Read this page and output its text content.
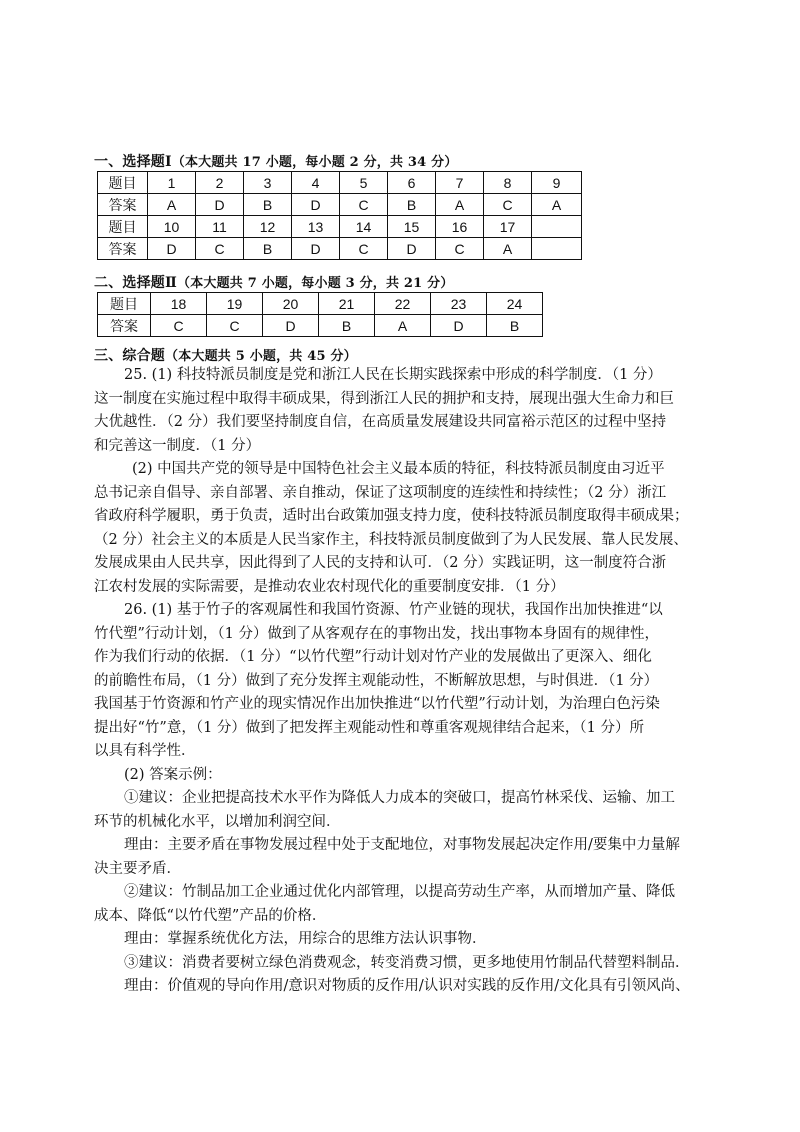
一、选择题Ⅰ（本大题共 17 小题，每小题 2 分，共 34 分）
题目	1	2	3	4	5	6	7	8	9
答案	A	D	B	D	C	B	A	C	A
题目	10	11	12	13	14	15	16	17	
答案	D	C	B	D	C	D	C	A	
二、选择题Ⅱ（本大题共 7 小题，每小题 3 分，共 21 分）
题目	18	19	20	21	22	23	24
答案	C	C	D	B	A	D	B
三、综合题（本大题共 5 小题，共 45 分）
25. (1) 科技特派员制度是党和浙江人民在长期实践探索中形成的科学制度．（1 分）
这一制度在实施过程中取得丰硕成果，得到浙江人民的拥护和支持，展现出强大生命力和巨
大优越性．（2 分）我们要坚持制度自信，在高质量发展建设共同富裕示范区的过程中坚持
和完善这一制度．（1 分）
(2) 中国共产党的领导是中国特色社会主义最本质的特征，科技特派员制度由习近平
总书记亲自倡导、亲自部署、亲自推动，保证了这项制度的连续性和持续性；（2 分）浙江
省政府科学履职，勇于负责，适时出台政策加强支持力度，使科技特派员制度取得丰硕成果；
（2 分）社会主义的本质是人民当家作主，科技特派员制度做到了为人民发展、靠人民发展、
发展成果由人民共享，因此得到了人民的支持和认可．（2 分）实践证明，这一制度符合浙
江农村发展的实际需要，是推动农业农村现代化的重要制度安排．（1 分）
26. (1) 基于竹子的客观属性和我国竹资源、竹产业链的现状，我国作出加快推进“以
竹代塑”行动计划，（1 分）做到了从客观存在的事物出发，找出事物本身固有的规律性，
作为我们行动的依据．（1 分）“以竹代塑”行动计划对竹产业的发展做出了更深入、细化
的前瞻性布局，（1 分）做到了充分发挥主观能动性，不断解放思想，与时俱进．（1 分）
我国基于竹资源和竹产业的现实情况作出加快推进“以竹代塑”行动计划，为治理白色污染
提出好“竹”意，（1 分）做到了把发挥主观能动性和尊重客观规律结合起来，（1 分）所
以具有科学性．
(2) 答案示例：
①建议：企业把提高技术水平作为降低人力成本的突破口，提高竹林采伐、运输、加工
环节的机械化水平，以增加利润空间．
理由：主要矛盾在事物发展过程中处于支配地位，对事物发展起决定作用/要集中力量解
决主要矛盾．
②建议：竹制品加工企业通过优化内部管理，以提高劳动生产率，从而增加产量、降低
成本、降低“以竹代塑”产品的价格．
理由：掌握系统优化方法，用综合的思维方法认识事物．
③建议：消费者要树立绿色消费观念，转变消费习惯，更多地使用竹制品代替塑料制品．
理由：价值观的导向作用/意识对物质的反作用/认识对实践的反作用/文化具有引领风尚、
